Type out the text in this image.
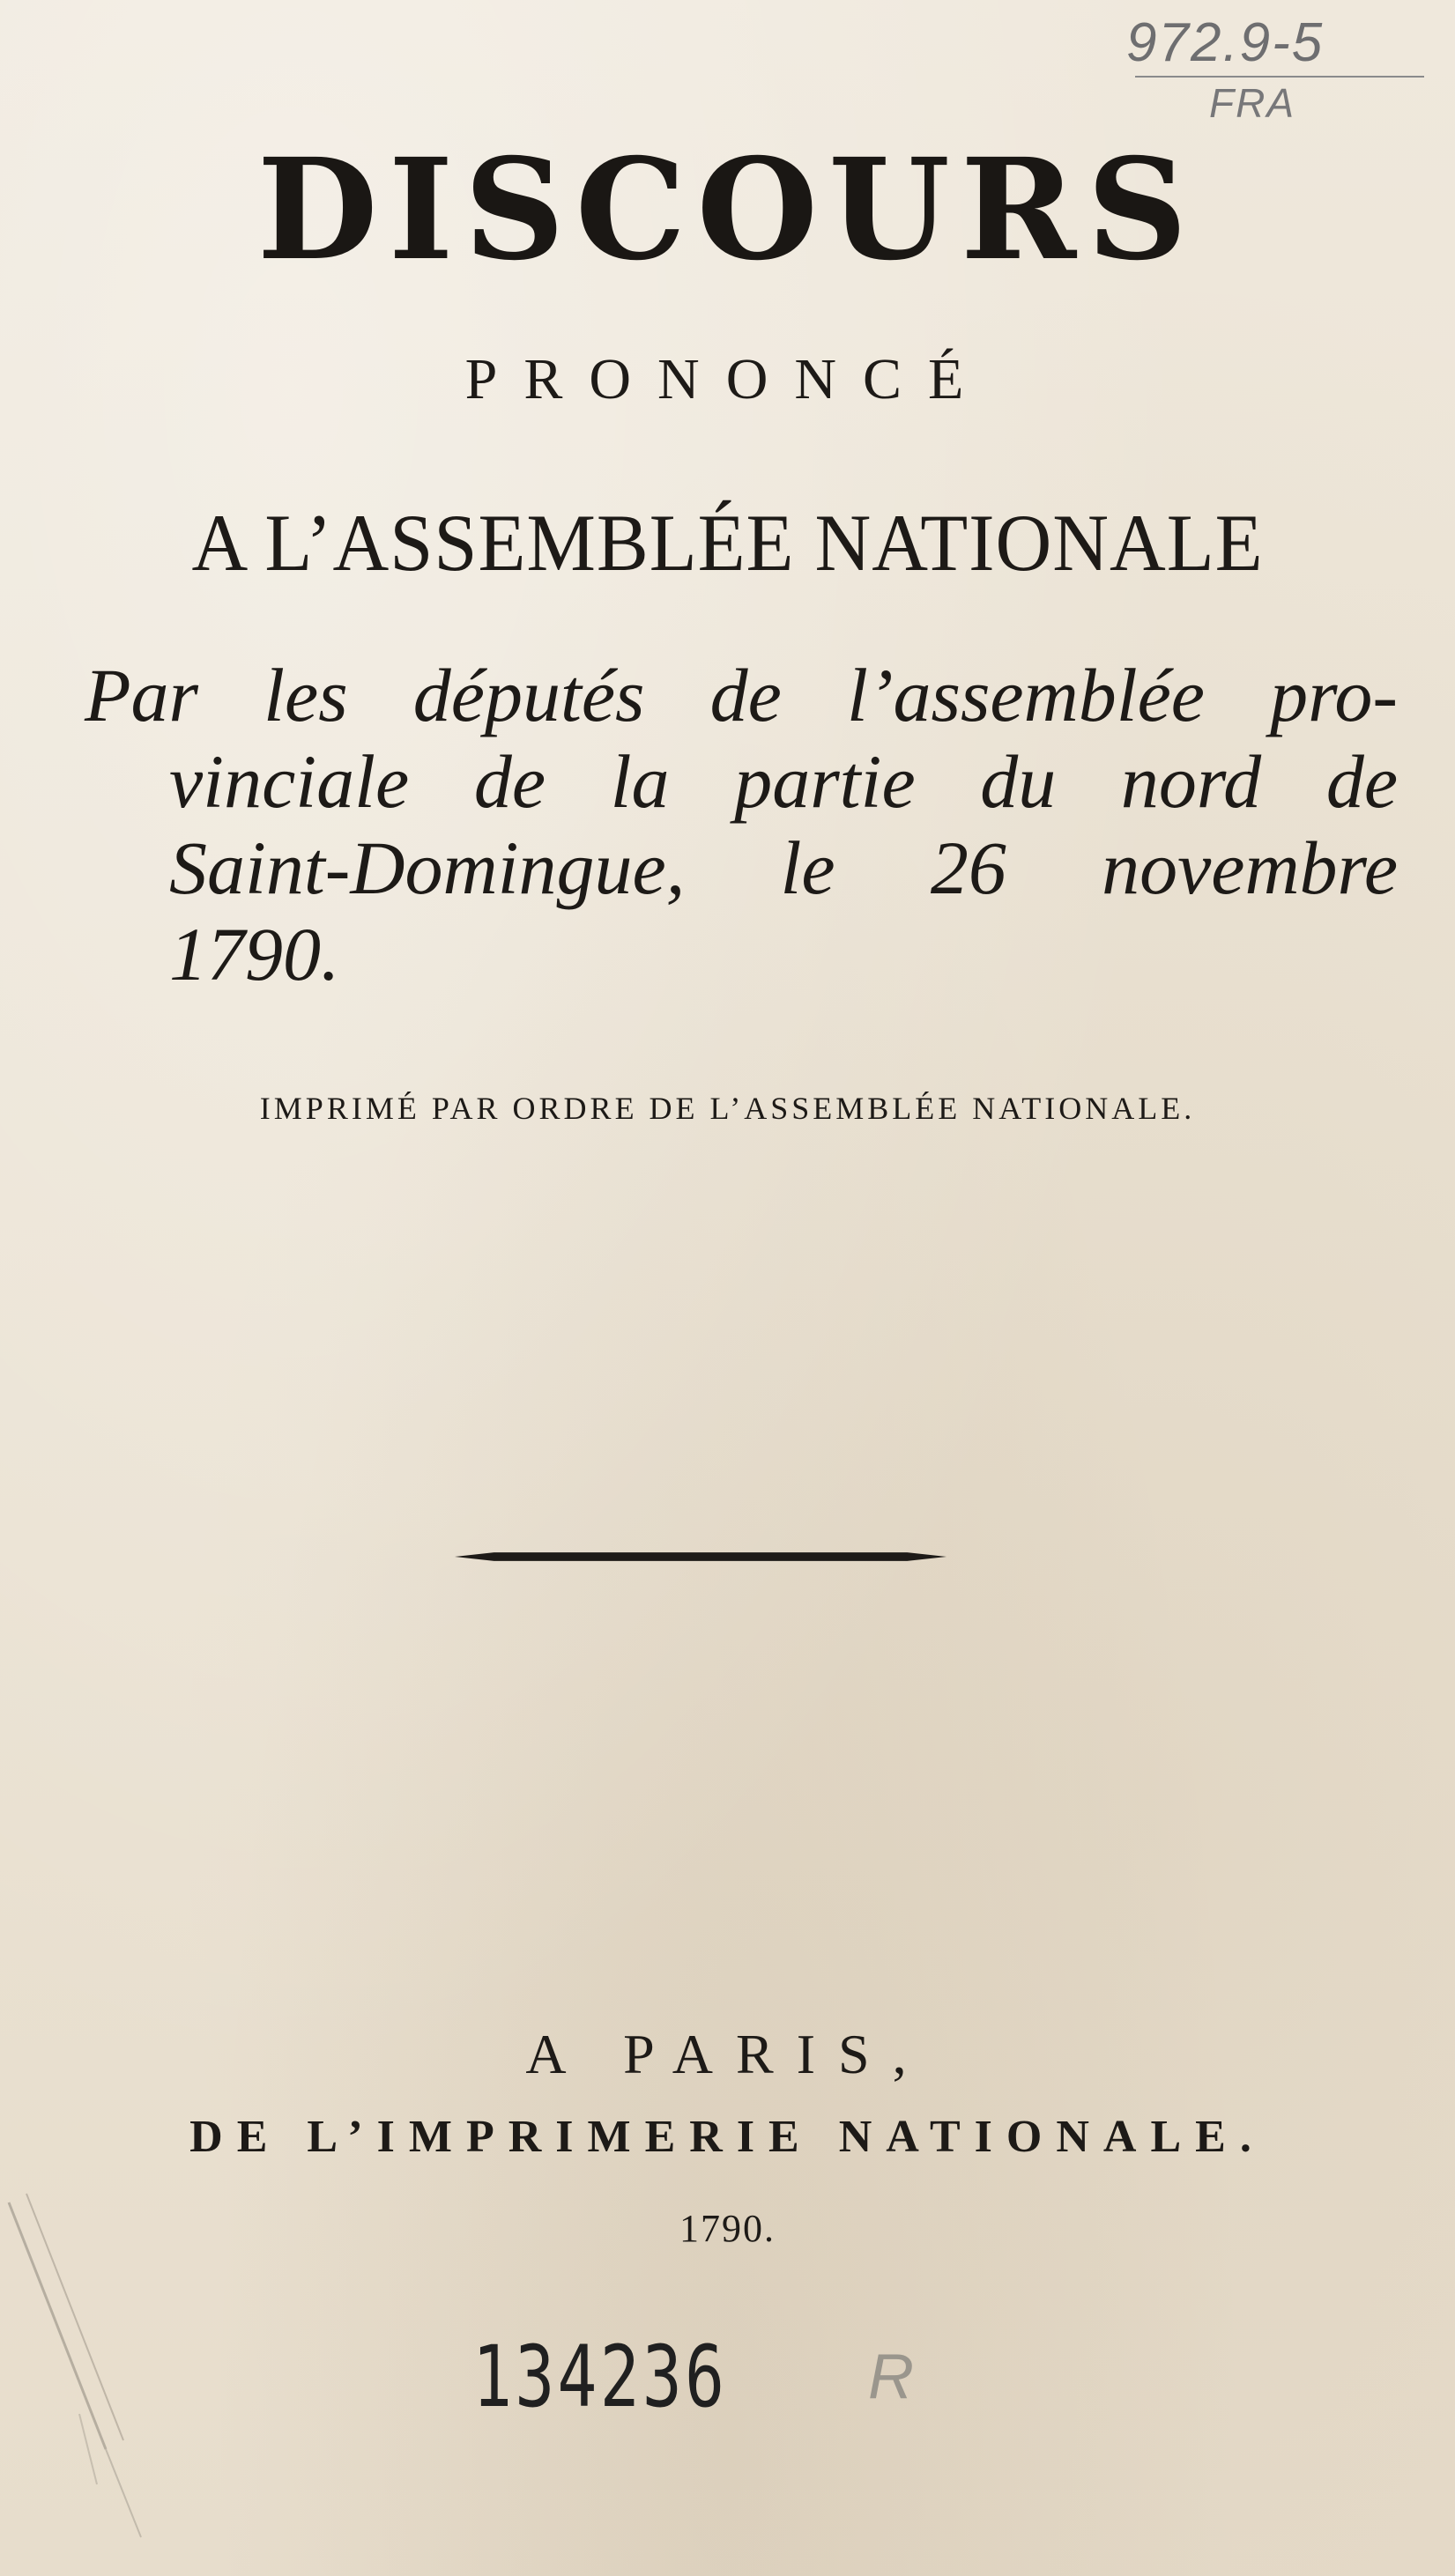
972.9-5
FRA
DISCOURS
PRONONCÉ
A L’ASSEMBLÉE NATIONALE
Par les députés de l’assemblée pro-
vinciale de la partie du nord de
Saint-Domingue, le 26 novembre
1790.
IMPRIMÉ PAR ORDRE DE L’ASSEMBLÉE NATIONALE.
A PARIS,
DE L’IMPRIMERIE NATIONALE.
1790.
134236 R
